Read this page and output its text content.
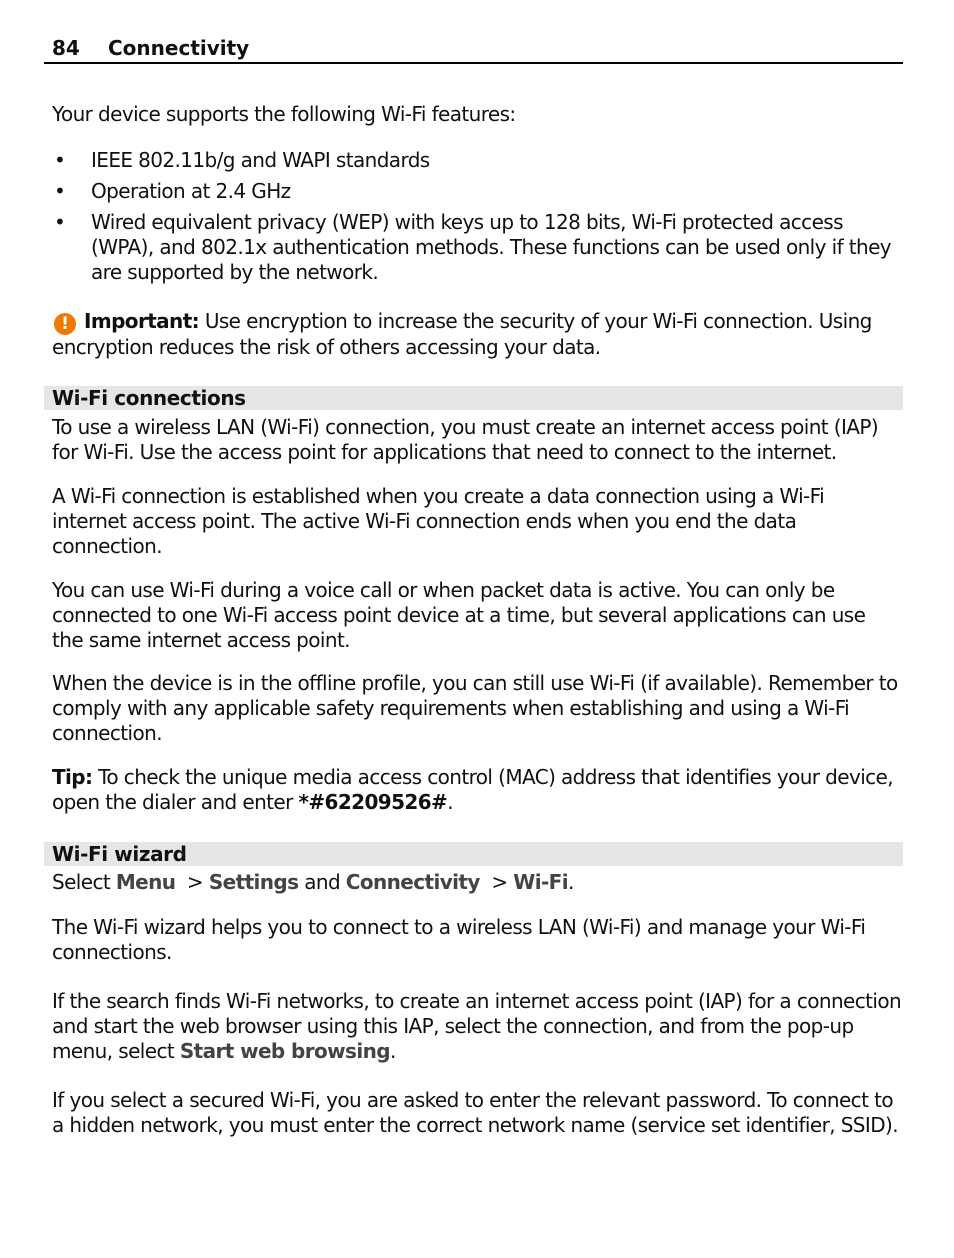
84 Connectivity

Your device supports the following Wi-Fi features:

• IEEE 802.11b/g and WAPI standards
• Operation at 2.4 GHz
• Wired equivalent privacy (WEP) with keys up to 128 bits, Wi-Fi protected access (WPA), and 802.1x authentication methods. These functions can be used only if they are supported by the network.

! Important: Use encryption to increase the security of your Wi-Fi connection. Using encryption reduces the risk of others accessing your data.

Wi-Fi connections

To use a wireless LAN (Wi-Fi) connection, you must create an internet access point (IAP) for Wi-Fi. Use the access point for applications that need to connect to the internet.

A Wi-Fi connection is established when you create a data connection using a Wi-Fi internet access point. The active Wi-Fi connection ends when you end the data connection.

You can use Wi-Fi during a voice call or when packet data is active. You can only be connected to one Wi-Fi access point device at a time, but several applications can use the same internet access point.

When the device is in the offline profile, you can still use Wi-Fi (if available). Remember to comply with any applicable safety requirements when establishing and using a Wi-Fi connection.

Tip: To check the unique media access control (MAC) address that identifies your device, open the dialer and enter *#62209526#.

Wi-Fi wizard

Select Menu  > Settings and Connectivity  > Wi-Fi.

The Wi-Fi wizard helps you to connect to a wireless LAN (Wi-Fi) and manage your Wi-Fi connections.

If the search finds Wi-Fi networks, to create an internet access point (IAP) for a connection and start the web browser using this IAP, select the connection, and from the pop-up menu, select Start web browsing.

If you select a secured Wi-Fi, you are asked to enter the relevant password. To connect to a hidden network, you must enter the correct network name (service set identifier, SSID).
